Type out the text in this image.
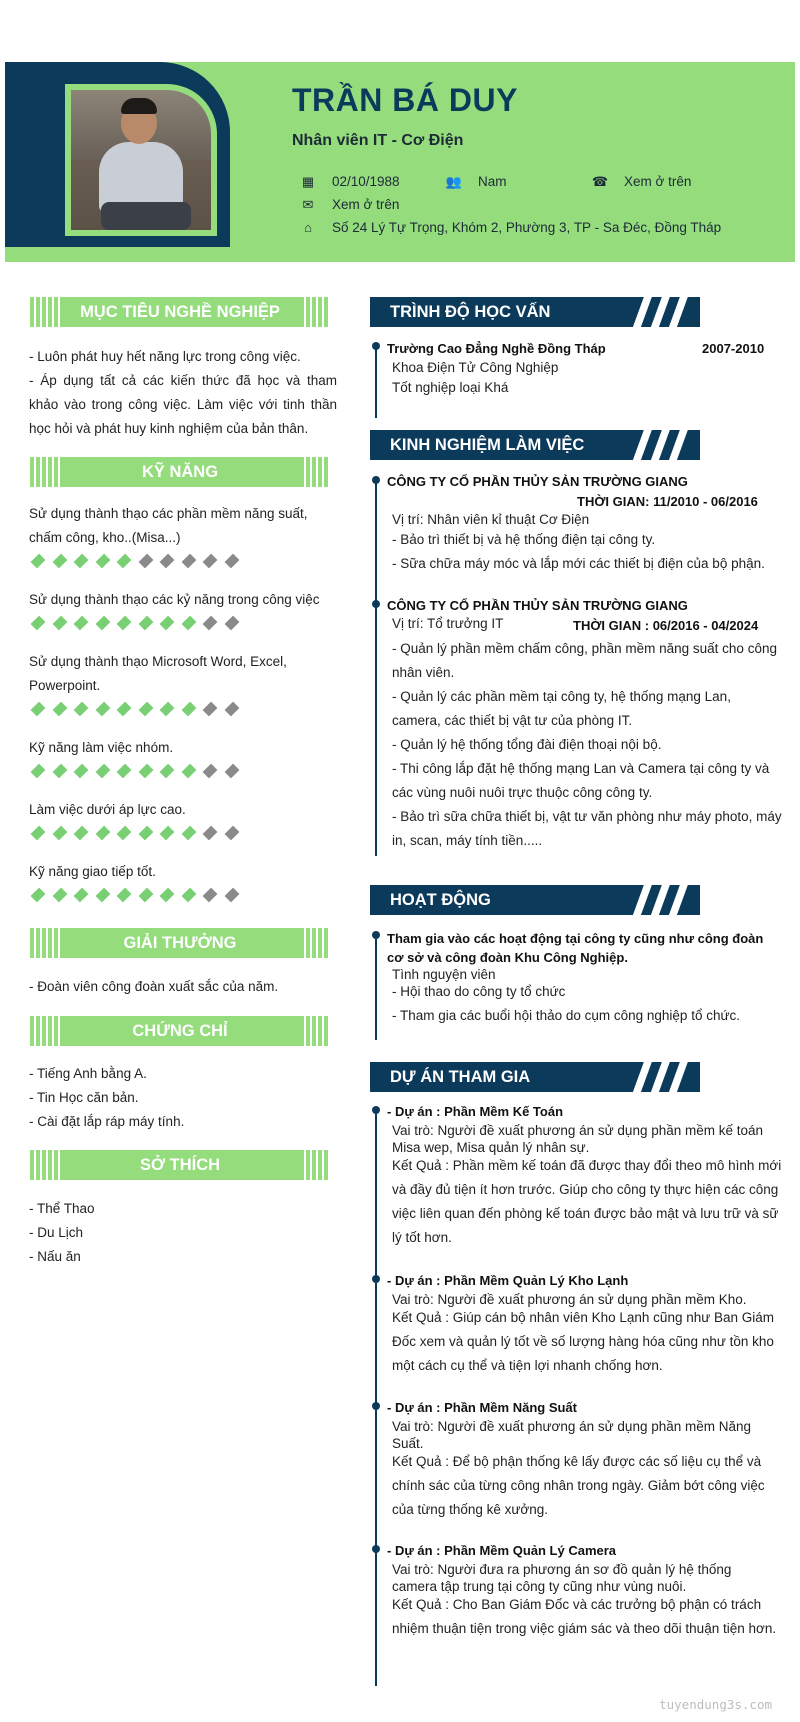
TRẦN BÁ DUY
Nhân viên IT - Cơ Điện
▦ 02/10/1988	👥 Nam	☎ Xem ở trên
✉ Xem ở trên
⌂ Số 24 Lý Tự Trọng, Khóm 2, Phường 3, TP - Sa Đéc, Đồng Tháp
MỤC TIÊU NGHỀ NGHIỆP
- Luôn phát huy hết năng lực trong công việc.
- Áp dụng tất cả các kiến thức đã học và tham khảo vào trong công việc. Làm việc với tinh thần học hỏi và phát huy kinh nghiệm của bản thân.
KỸ NĂNG
Sử dụng thành thạo các phần mềm năng suất, chấm công, kho..(Misa...)
Sử dụng thành thạo các kỷ năng trong công việc
Sử dụng thành thạo Microsoft Word, Excel, Powerpoint.
Kỹ năng làm việc nhóm.
Làm việc dưới áp lực cao.
Kỹ năng giao tiếp tốt.
GIẢI THƯỞNG
- Đoàn viên công đoàn xuất sắc của năm.
CHỨNG CHỈ
- Tiếng Anh bằng A.
- Tin Học căn bản.
- Cài đặt lắp ráp máy tính.
SỞ THÍCH
- Thể Thao
- Du Lịch
- Nấu ăn
TRÌNH ĐỘ HỌC VẤN
Trường Cao Đẳng Nghề Đồng Tháp	2007-2010
Khoa Điện Tử Công Nghiệp
Tốt nghiệp loại Khá
KINH NGHIỆM LÀM VIỆC
CÔNG TY CỔ PHẦN THỦY SẢN TRƯỜNG GIANG
THỜI GIAN: 11/2010 - 06/2016
Vị trí: Nhân viên kỉ thuật Cơ Điện
- Bảo trì thiết bị và hệ thống điện tại công ty.
- Sữa chữa máy móc và lắp mới các thiết bị điện của bộ phận.
CÔNG TY CỔ PHẦN THỦY SẢN TRƯỜNG GIANG
Vị trí: Tổ trưởng IT	THỜI GIAN : 06/2016 - 04/2024
- Quản lý phần mềm chấm công, phần mềm năng suất cho công nhân viên.
- Quản lý các phần mềm tại công ty, hệ thống mạng Lan, camera, các thiết bị vật tư của phòng IT.
- Quản lý hệ thống tổng đài điện thoại nội bộ.
- Thi công lắp đặt hệ thống mạng Lan và Camera tại công ty và các vùng nuôi nuôi trực thuộc công công ty.
- Bảo trì sữa chữa thiết bị, vật tư văn phòng như máy photo, máy in, scan, máy tính tiền.....
HOẠT ĐỘNG
Tham gia vào các hoạt động tại công ty cũng như công đoàn cơ sở và công đoàn Khu Công Nghiệp.
Tình nguyện viên
- Hội thao do công ty tổ chức
- Tham gia các buổi hội thảo do cụm công nghiệp tổ chức.
DỰ ÁN THAM GIA
- Dự án : Phần Mềm Kế Toán
Vai trò: Người đề xuất phương án sử dụng phần mềm kế toán Misa wep, Misa quản lý nhân sự.
Kết Quả : Phần mềm kế toán đã được thay đổi theo mô hình mới và đầy đủ tiện ít hơn trước. Giúp cho công ty thực hiện các công việc liên quan đến phòng kế toán được bảo mật và lưu trữ và sữ lý tốt hơn.
- Dự án : Phần Mềm Quản Lý Kho Lạnh
Vai trò: Người đề xuất phương án sử dụng phần mềm Kho.
Kết Quả : Giúp cán bộ nhân viên Kho Lạnh cũng như Ban Giám Đốc xem và quản lý tốt về số lượng hàng hóa cũng như tồn kho một cách cụ thể và tiện lợi nhanh chống hơn.
- Dự án : Phần Mềm Năng Suất
Vai trò: Người đề xuất phương án sử dụng phần mềm Năng Suất.
Kết Quả : Để bộ phận thống kê lấy được các số liệu cụ thể và chính sác của từng công nhân trong ngày. Giảm bớt công việc của từng thống kê xưởng.
- Dự án : Phần Mềm Quản Lý Camera
Vai trò: Người đưa ra phương án sơ đồ quản lý hệ thống camera tập trung tại công ty cũng như vùng nuôi.
Kết Quả : Cho Ban Giám Đốc và các trưởng bộ phận có trách nhiệm thuận tiện trong việc giám sác và theo dõi thuận tiện hơn.
tuyendung3s.com
